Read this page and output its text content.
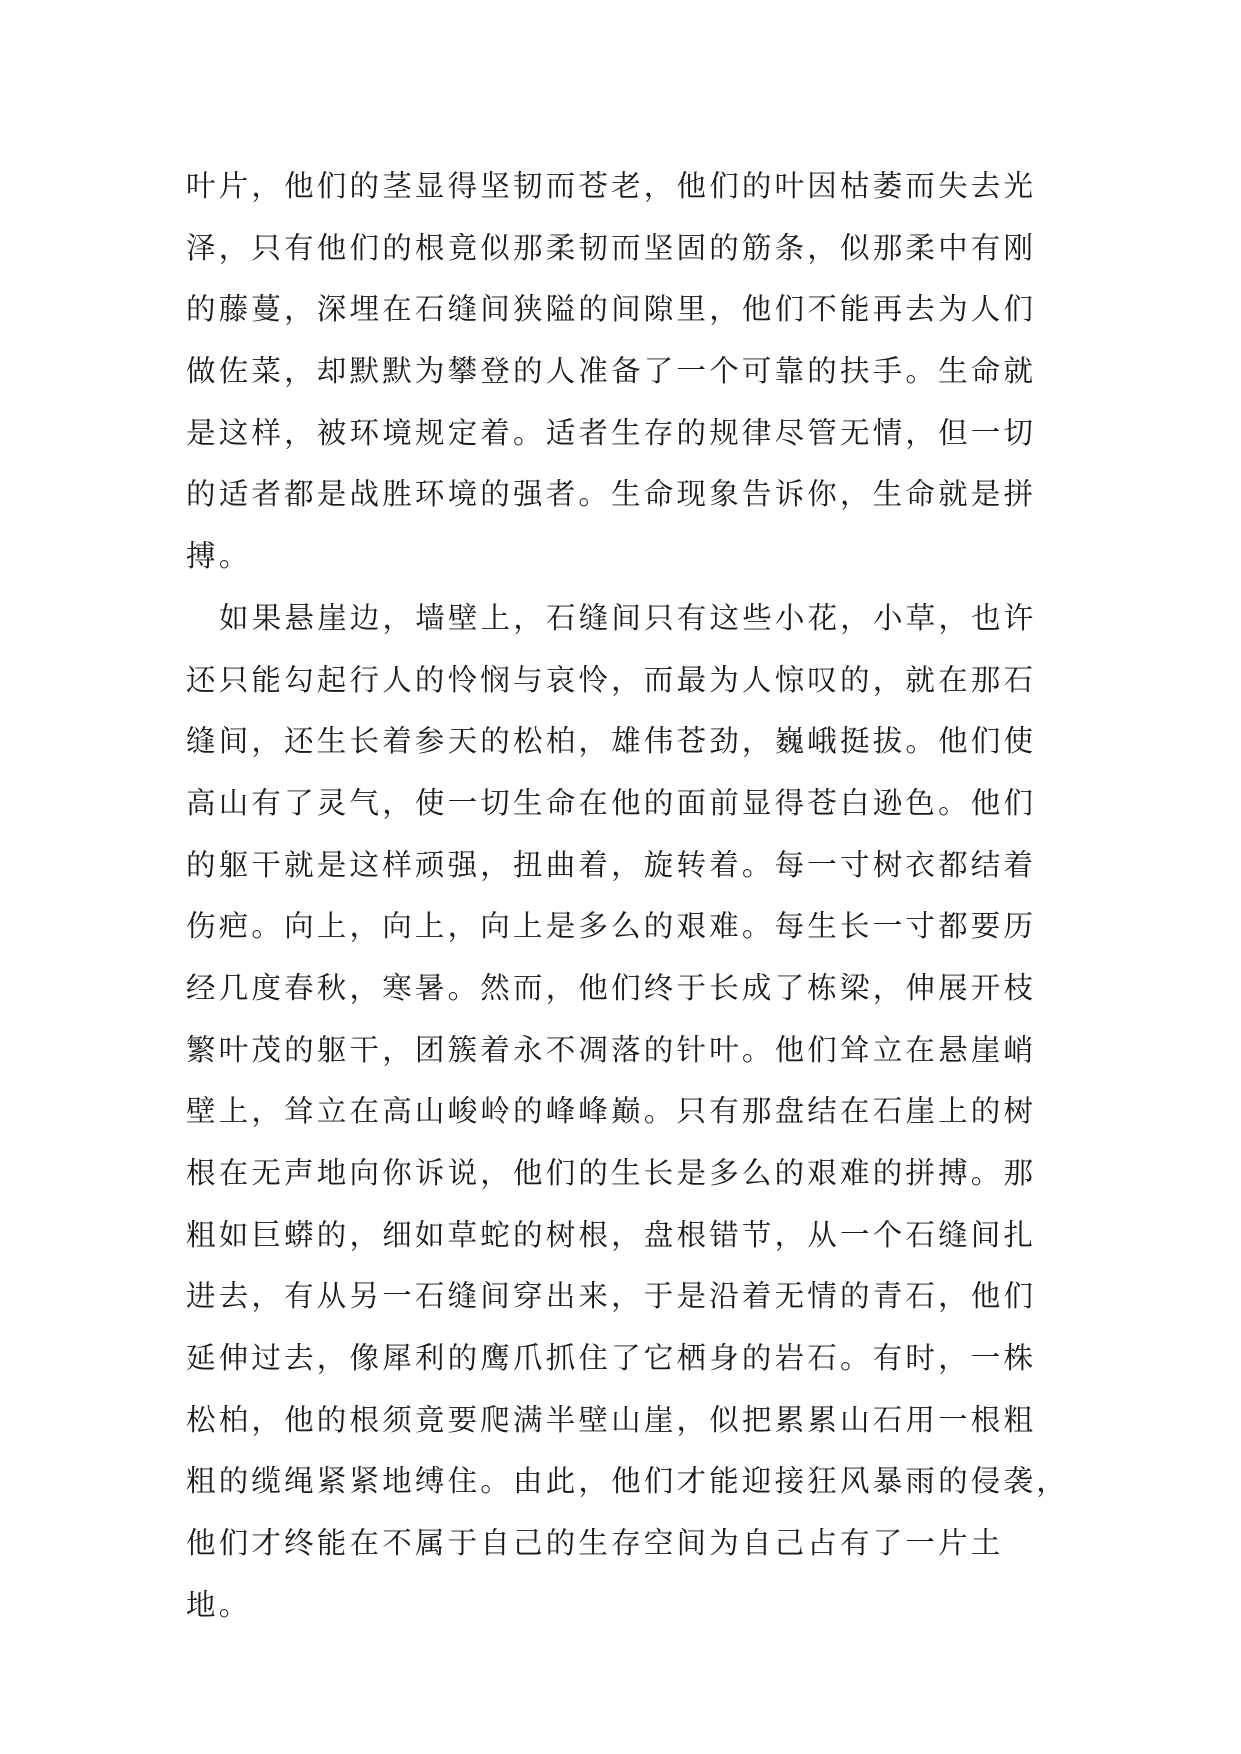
叶片，他们的茎显得坚韧而苍老，他们的叶因枯萎而失去光
泽，只有他们的根竟似那柔韧而坚固的筋条，似那柔中有刚
的藤蔓，深埋在石缝间狭隘的间隙里，他们不能再去为人们
做佐菜，却默默为攀登的人准备了一个可靠的扶手。生命就
是这样，被环境规定着。适者生存的规律尽管无情，但一切
的适者都是战胜环境的强者。生命现象告诉你，生命就是拼
搏。
如果悬崖边，墙壁上，石缝间只有这些小花，小草，也许
还只能勾起行人的怜悯与哀怜，而最为人惊叹的，就在那石
缝间，还生长着参天的松柏，雄伟苍劲，巍峨挺拔。他们使
高山有了灵气，使一切生命在他的面前显得苍白逊色。他们
的躯干就是这样顽强，扭曲着，旋转着。每一寸树衣都结着
伤疤。向上，向上，向上是多么的艰难。每生长一寸都要历
经几度春秋，寒暑。然而，他们终于长成了栋梁，伸展开枝
繁叶茂的躯干，团簇着永不凋落的针叶。他们耸立在悬崖峭
壁上，耸立在高山峻岭的峰峰巅。只有那盘结在石崖上的树
根在无声地向你诉说，他们的生长是多么的艰难的拼搏。那
粗如巨蟒的，细如草蛇的树根，盘根错节，从一个石缝间扎
进去，有从另一石缝间穿出来，于是沿着无情的青石，他们
延伸过去，像犀利的鹰爪抓住了它栖身的岩石。有时，一株
松柏，他的根须竟要爬满半壁山崖，似把累累山石用一根粗
粗的缆绳紧紧地缚住。由此，他们才能迎接狂风暴雨的侵袭，
他们才终能在不属于自己的生存空间为自己占有了一片土
地。
